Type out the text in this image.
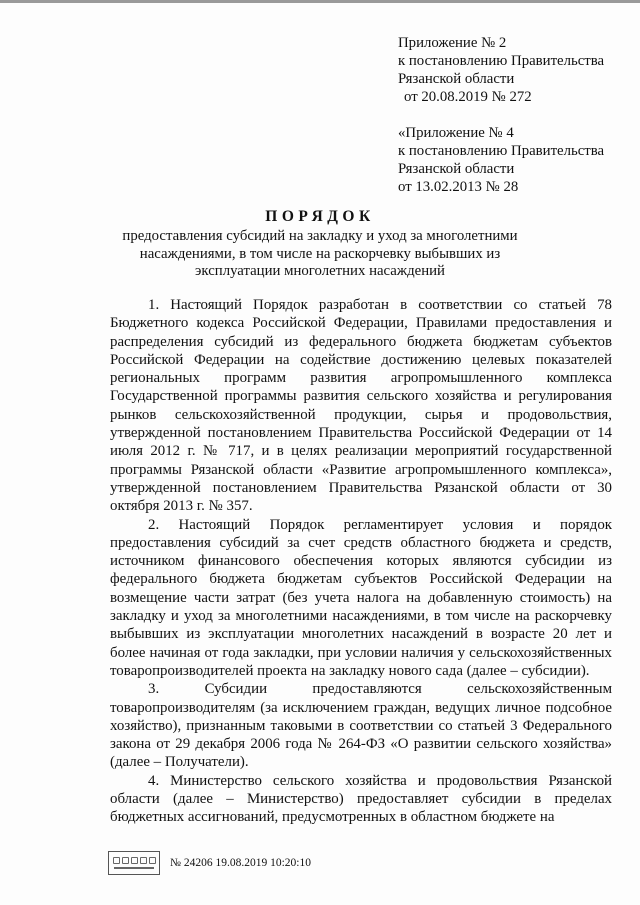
Приложение № 2
к постановлению Правительства
Рязанской области
от 20.08.2019 № 272
«Приложение № 4
к постановлению Правительства
Рязанской области
от 13.02.2013 № 28
ПОРЯДОК
предоставления субсидий на закладку и уход за многолетними насаждениями, в том числе на раскорчевку выбывших из эксплуатации многолетних насаждений

1. Настоящий Порядок разработан в соответствии со статьей 78 Бюджетного кодекса Российской Федерации, Правилами предоставления и распределения субсидий из федерального бюджета бюджетам субъектов Российской Федерации на содействие достижению целевых показателей региональных программ развития агропромышленного комплекса Государственной программы развития сельского хозяйства и регулирования рынков сельскохозяйственной продукции, сырья и продовольствия, утвержденной постановлением Правительства Российской Федерации от 14 июля 2012 г. № 717, и в целях реализации мероприятий государственной программы Рязанской области «Развитие агропромышленного комплекса», утвержденной постановлением Правительства Рязанской области от 30 октября 2013 г. № 357.

2. Настоящий Порядок регламентирует условия и порядок предоставления субсидий за счет средств областного бюджета и средств, источником финансового обеспечения которых являются субсидии из федерального бюджета бюджетам субъектов Российской Федерации на возмещение части затрат (без учета налога на добавленную стоимость) на закладку и уход за многолетними насаждениями, в том числе на раскорчевку выбывших из эксплуатации многолетних насаждений в возрасте 20 лет и более начиная от года закладки, при условии наличия у сельскохозяйственных товаропроизводителей проекта на закладку нового сада (далее – субсидии).

3. Субсидии предоставляются сельскохозяйственным товаропроизводителям (за исключением граждан, ведущих личное подсобное хозяйство), признанным таковыми в соответствии со статьей 3 Федерального закона от 29 декабря 2006 года № 264-ФЗ «О развитии сельского хозяйства» (далее – Получатели).

4. Министерство сельского хозяйства и продовольствия Рязанской области (далее – Министерство) предоставляет субсидии в пределах бюджетных ассигнований, предусмотренных в областном бюджете на

№ 24206 19.08.2019 10:20:10
